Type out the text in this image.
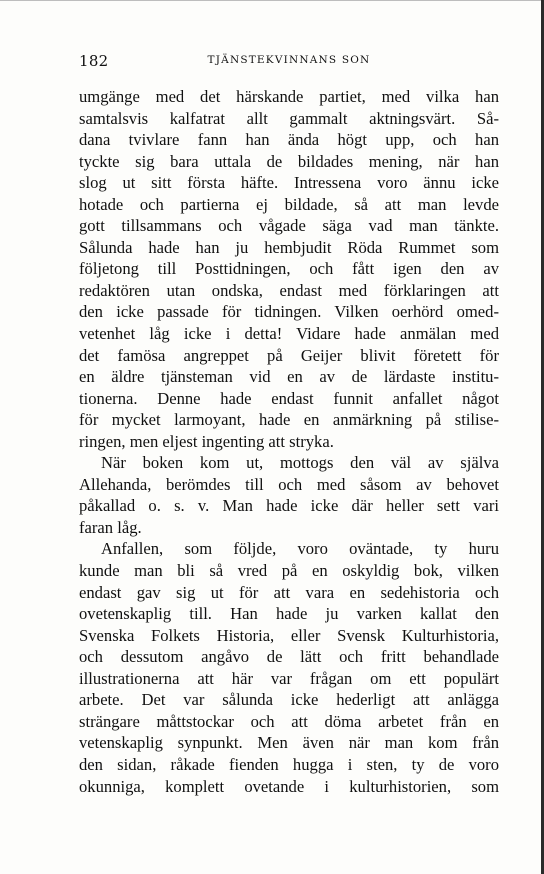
182	TJÄNSTEKVINNANS SON
umgänge med det härskande partiet, med vilka han
samtalsvis kalfatrat allt gammalt aktningsvärt. Så-
dana tvivlare fann han ända högt upp, och han
tyckte sig bara uttala de bildades mening, när han
slog ut sitt första häfte. Intressena voro ännu icke
hotade och partierna ej bildade, så att man levde
gott tillsammans och vågade säga vad man tänkte.
Sålunda hade han ju hembjudit Röda Rummet som
följetong till Posttidningen, och fått igen den av
redaktören utan ondska, endast med förklaringen att
den icke passade för tidningen. Vilken oerhörd omed-
vetenhet låg icke i detta! Vidare hade anmälan med
det famösa angreppet på Geijer blivit företett för
en äldre tjänsteman vid en av de lärdaste institu-
tionerna. Denne hade endast funnit anfallet något
för mycket larmoyant, hade en anmärkning på stilise-
ringen, men eljest ingenting att stryka.
När boken kom ut, mottogs den väl av själva
Allehanda, berömdes till och med såsom av behovet
påkallad o. s. v. Man hade icke där heller sett vari
faran låg.
Anfallen, som följde, voro oväntade, ty huru
kunde man bli så vred på en oskyldig bok, vilken
endast gav sig ut för att vara en sedehistoria och
ovetenskaplig till. Han hade ju varken kallat den
Svenska Folkets Historia, eller Svensk Kulturhistoria,
och dessutom angåvo de lätt och fritt behandlade
illustrationerna att här var frågan om ett populärt
arbete. Det var sålunda icke hederligt att anlägga
strängare måttstockar och att döma arbetet från en
vetenskaplig synpunkt. Men även när man kom från
den sidan, råkade fienden hugga i sten, ty de voro
okunniga, komplett ovetande i kulturhistorien, som
